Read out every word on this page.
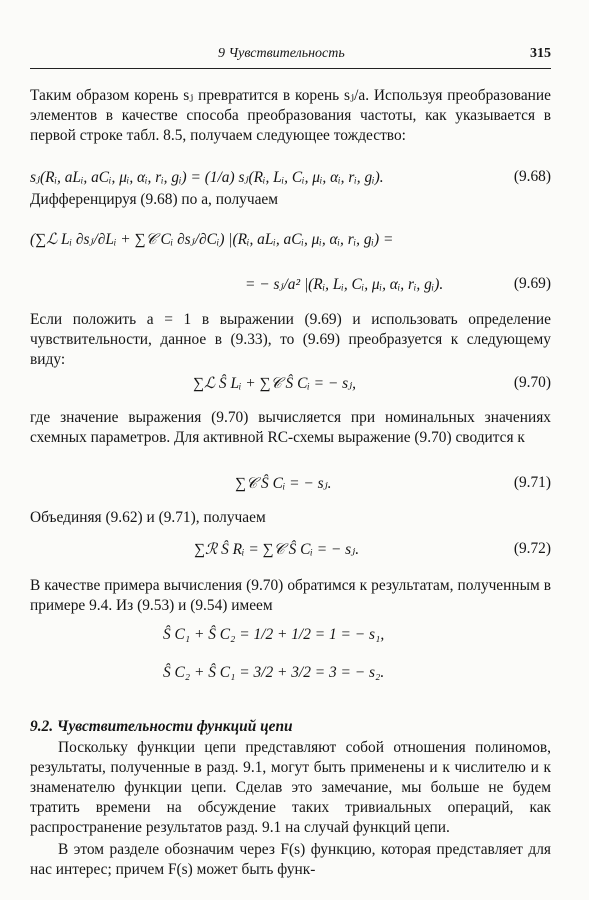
9 Чувствительность	315
Таким образом корень sⱼ превратится в корень sⱼ/a. Используя преобразование элементов в качестве способа преобразования частоты, как указывается в первой строке табл. 8.5, получаем следующее тождество:
sⱼ(Rᵢ, aLᵢ, aCᵢ, μᵢ, αᵢ, rᵢ, gᵢ) = (1/a) sⱼ(Rᵢ, Lᵢ, Cᵢ, μᵢ, αᵢ, rᵢ, gᵢ).	(9.68)
Дифференцируя (9.68) по a, получаем
(∑ℒ Lᵢ ∂sⱼ/∂Lᵢ + ∑𝒞 Cᵢ ∂sⱼ/∂Cᵢ) |(Rᵢ, aLᵢ, aCᵢ, μᵢ, αᵢ, rᵢ, gᵢ) =
= − sⱼ/a² |(Rᵢ, Lᵢ, Cᵢ, μᵢ, αᵢ, rᵢ, gᵢ).	(9.69)
Если положить a = 1 в выражении (9.69) и использовать определение чувствительности, данное в (9.33), то (9.69) преобразуется к следующему виду:
∑ℒ Ŝ Lᵢ + ∑𝒞 Ŝ Cᵢ = − sⱼ,	(9.70)
где значение выражения (9.70) вычисляется при номинальных значениях схемных параметров. Для активной RC-схемы выражение (9.70) сводится к
∑𝒞 Ŝ Cᵢ = − sⱼ.	(9.71)
Объединяя (9.62) и (9.71), получаем
∑ℛ Ŝ Rᵢ = ∑𝒞 Ŝ Cᵢ = − sⱼ.	(9.72)
В качестве примера вычисления (9.70) обратимся к результатам, полученным в примере 9.4. Из (9.53) и (9.54) имеем
Ŝ C₁ + Ŝ C₂ = 1/2 + 1/2 = 1 = − s₁,
Ŝ C₂ + Ŝ C₁ = 3/2 + 3/2 = 3 = − s₂.
9.2. Чувствительности функций цепи
Поскольку функции цепи представляют собой отношения полиномов, результаты, полученные в разд. 9.1, могут быть применены и к числителю и к знаменателю функции цепи. Сделав это замечание, мы больше не будем тратить времени на обсуждение таких тривиальных операций, как распространение результатов разд. 9.1 на случай функций цепи.
В этом разделе обозначим через F(s) функцию, которая представляет для нас интерес; причем F(s) может быть функ-
